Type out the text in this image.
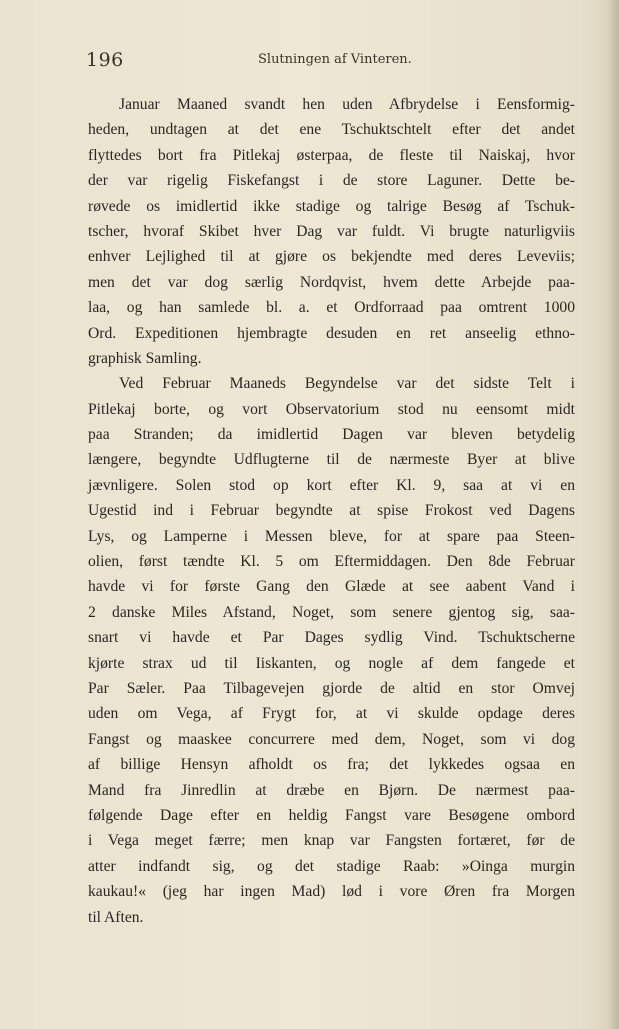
196	Slutningen af Vinteren.
Januar Maaned svandt hen uden Afbrydelse i Eensformig-
heden, undtagen at det ene Tschuktschtelt efter det andet
flyttedes bort fra Pitlekaj østerpaa, de fleste til Naiskaj, hvor
der var rigelig Fiskefangst i de store Laguner. Dette be-
røvede os imidlertid ikke stadige og talrige Besøg af Tschuk-
tscher, hvoraf Skibet hver Dag var fuldt. Vi brugte naturligviis
enhver Lejlighed til at gjøre os bekjendte med deres Leveviis;
men det var dog særlig Nordqvist, hvem dette Arbejde paa-
laa, og han samlede bl. a. et Ordforraad paa omtrent 1000
Ord. Expeditionen hjembragte desuden en ret anseelig ethno-
graphisk Samling.
Ved Februar Maaneds Begyndelse var det sidste Telt i
Pitlekaj borte, og vort Observatorium stod nu eensomt midt
paa Stranden; da imidlertid Dagen var bleven betydelig
længere, begyndte Udflugterne til de nærmeste Byer at blive
jævnligere. Solen stod op kort efter Kl. 9, saa at vi en
Ugestid ind i Februar begyndte at spise Frokost ved Dagens
Lys, og Lamperne i Messen bleve, for at spare paa Steen-
olien, først tændte Kl. 5 om Eftermiddagen. Den 8de Februar
havde vi for første Gang den Glæde at see aabent Vand i
2 danske Miles Afstand, Noget, som senere gjentog sig, saa-
snart vi havde et Par Dages sydlig Vind. Tschuktscherne
kjørte strax ud til Iiskanten, og nogle af dem fangede et
Par Sæler. Paa Tilbagevejen gjorde de altid en stor Omvej
uden om Vega, af Frygt for, at vi skulde opdage deres
Fangst og maaskee concurrere med dem, Noget, som vi dog
af billige Hensyn afholdt os fra; det lykkedes ogsaa en
Mand fra Jinredlin at dræbe en Bjørn. De nærmest paa-
følgende Dage efter en heldig Fangst vare Besøgene ombord
i Vega meget færre; men knap var Fangsten fortæret, før de
atter indfandt sig, og det stadige Raab: »Oinga murgin
kaukau!« (jeg har ingen Mad) lød i vore Øren fra Morgen
til Aften.
